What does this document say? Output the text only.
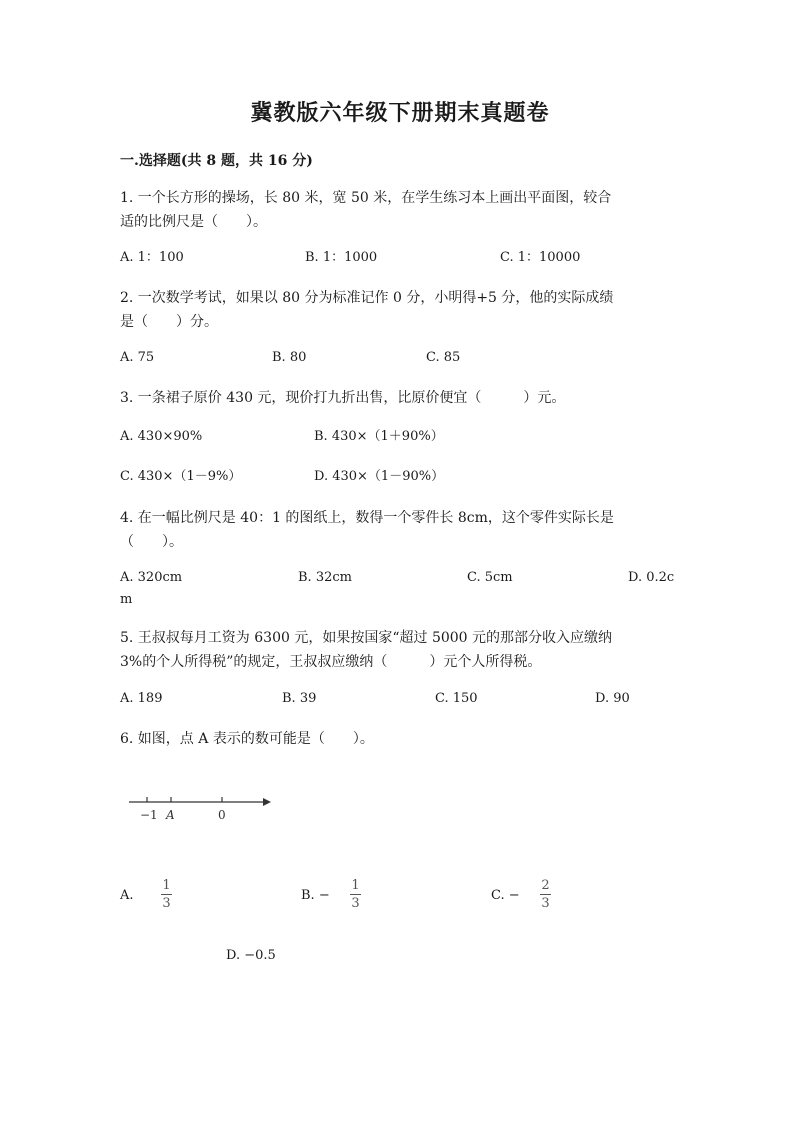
冀教版六年级下册期末真题卷
一.选择题(共 8 题，共 16 分)
1. 一个长方形的操场，长 80 米，宽 50 米，在学生练习本上画出平面图，较合
适的比例尺是（　　）。
A. 1：100	B. 1：1000	C. 1：10000
2. 一次数学考试，如果以 80 分为标准记作 0 分，小明得+5 分，他的实际成绩
是（　　）分。
A. 75	B. 80	C. 85
3. 一条裙子原价 430 元，现价打九折出售，比原价便宜（　　　）元。
A. 430×90%	B. 430×（1＋90%）
C. 430×（1－9%）	D. 430×（1－90%）
4. 在一幅比例尺是 40：1 的图纸上，数得一个零件长 8cm，这个零件实际长是
（　　）。
A. 320cm	B. 32cm	C. 5cm	D. 0.2c
m
5. 王叔叔每月工资为 6300 元，如果按国家“超过 5000 元的那部分收入应缴纳
3%的个人所得税”的规定，王叔叔应缴纳（　　　）元个人所得税。
A. 189	B. 39	C. 150	D. 90
6. 如图，点 A 表示的数可能是（　　）。
−1 A	0
A.
1
3
B. −
1
3
C. −
2
3
D. −0.5
